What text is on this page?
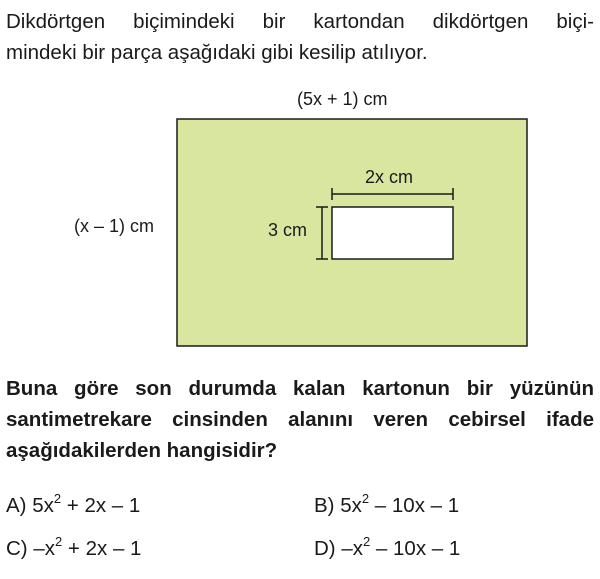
Dikdörtgen biçimindeki bir kartondan dikdörtgen biçi-
mindeki bir parça aşağıdaki gibi kesilip atılıyor.

(5x + 1) cm
(x – 1) cm
2x cm
3 cm

Buna göre son durumda kalan kartonun bir yüzünün
santimetrekare cinsinden alanını veren cebirsel ifade
aşağıdakilerden hangisidir?

A) $5x^2 + 2x - 1$	B) $5x^2 - 10x - 1$
C) $-x^2 + 2x - 1$	D) $-x^2 - 10x - 1$
